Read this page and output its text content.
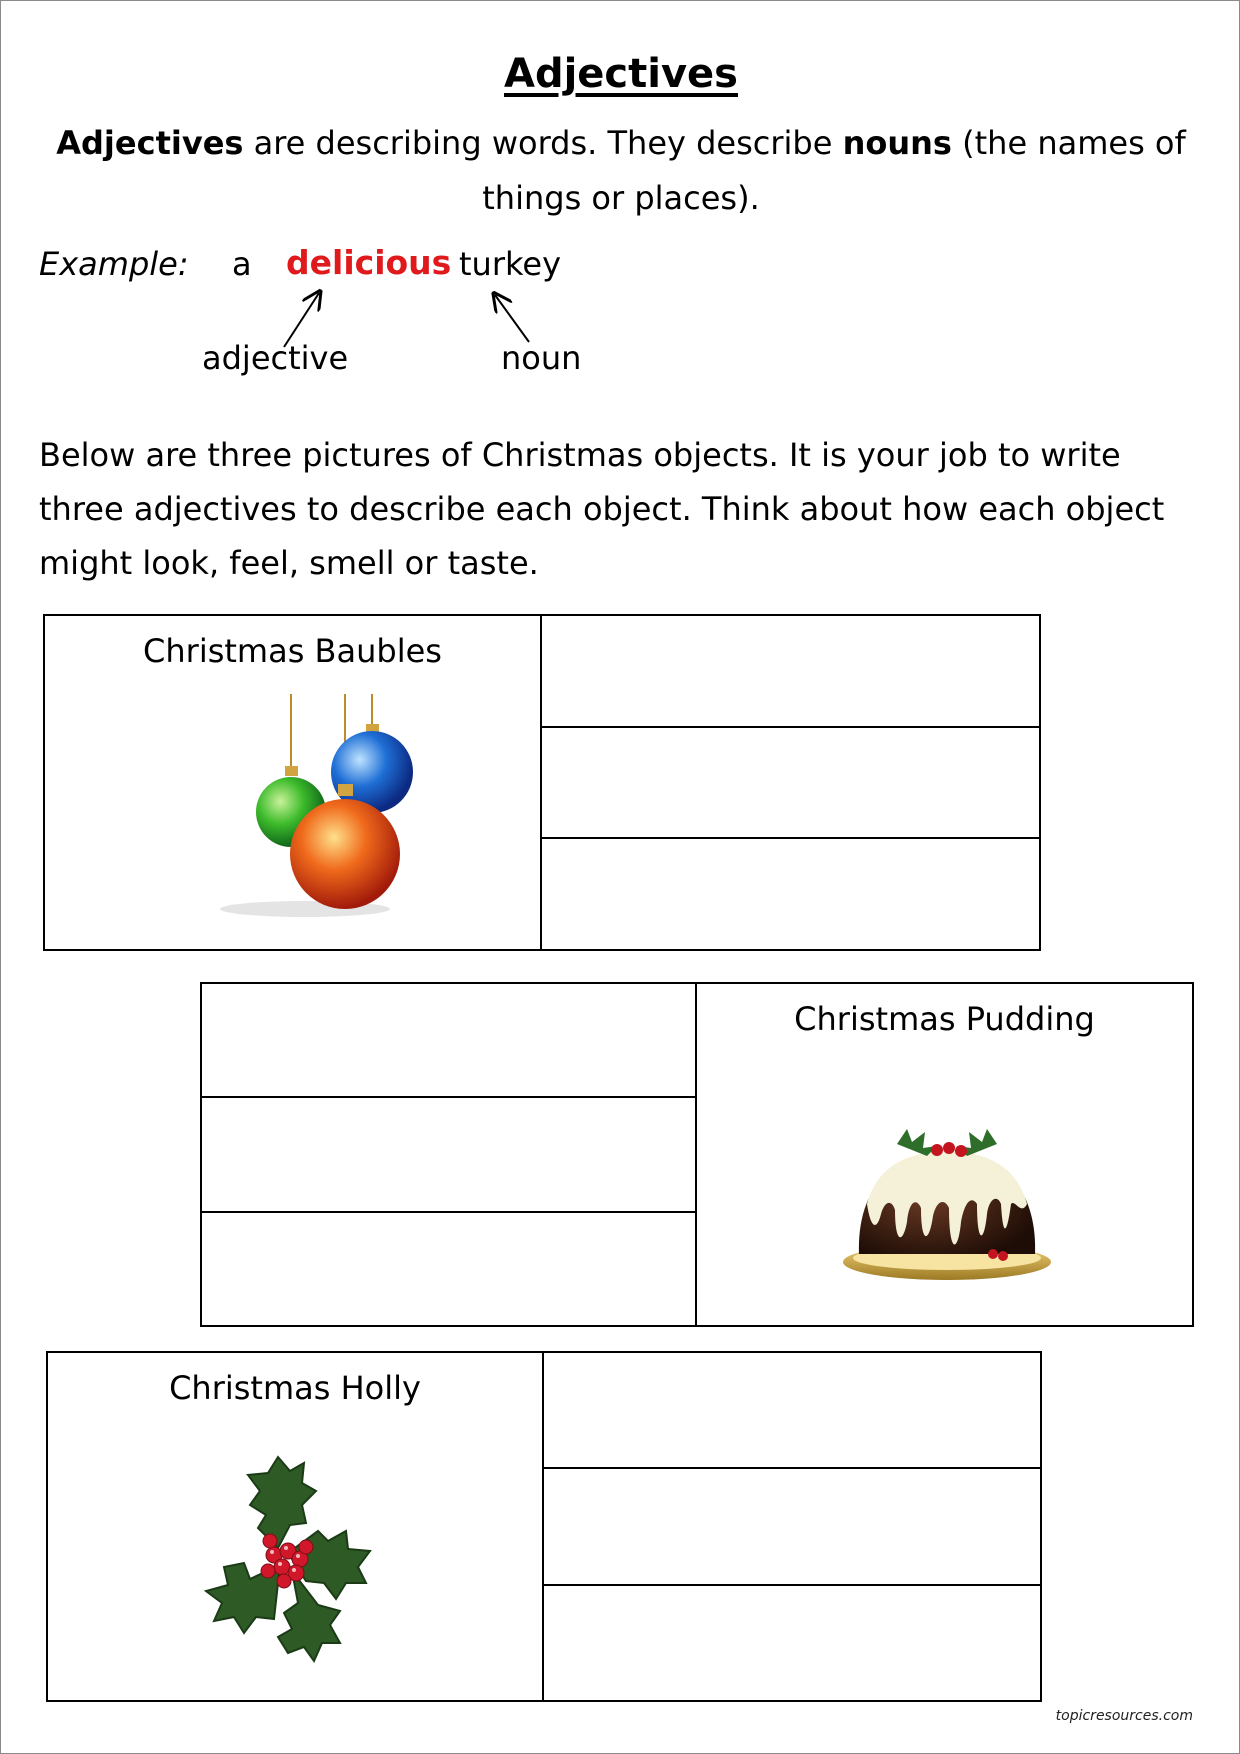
Adjectives
Adjectives are describing words. They describe nouns (the names of things or places).
Example: a delicious turkey
adjective	noun
Below are three pictures of Christmas objects. It is your job to write three adjectives to describe each object. Think about how each object might look, feel, smell or taste.
Christmas Baubles
Christmas Pudding
Christmas Holly
topicresources.com
